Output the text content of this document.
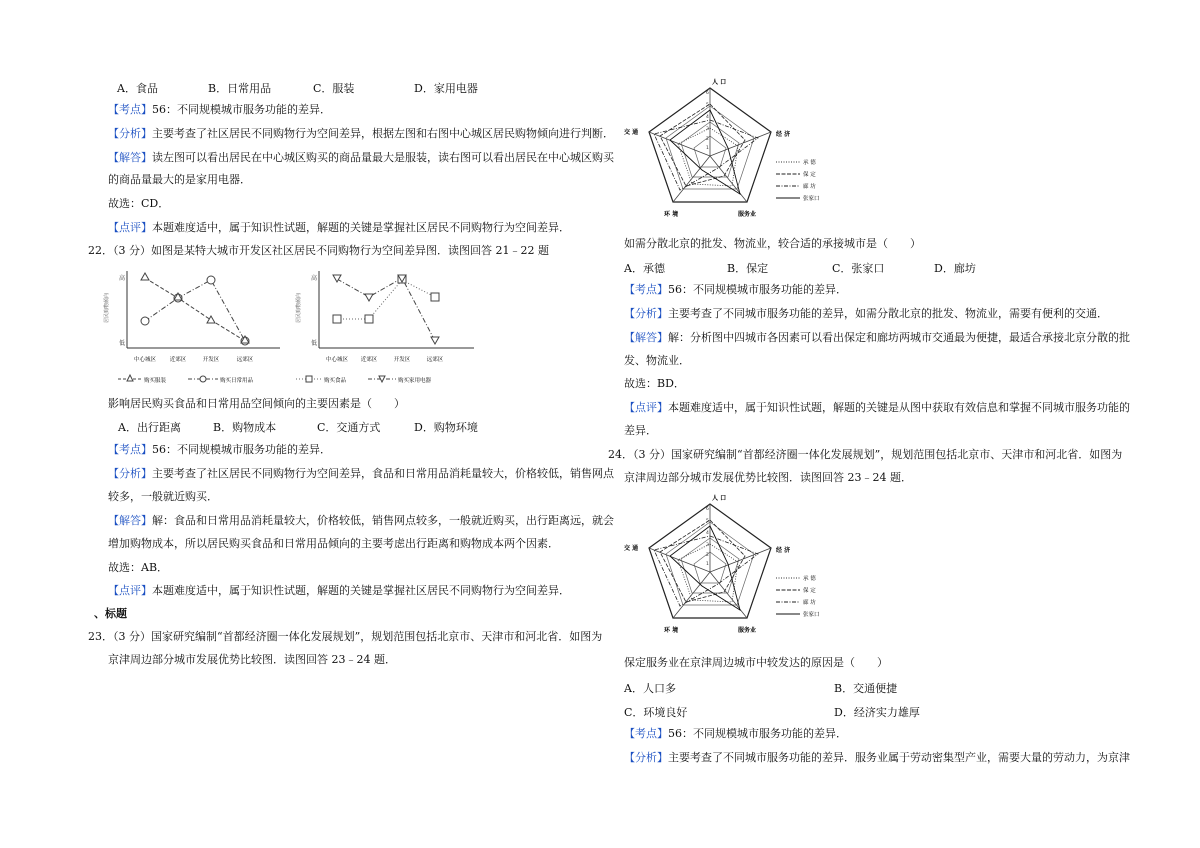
A．食品	B．日常用品	C．服装	D．家用电器
【考点】56：不同规模城市服务功能的差异．
【分析】主要考查了社区居民不同购物行为空间差异，根据左图和右图中心城区居民购物倾向进行判断．
【解答】读左图可以看出居民在中心城区购买的商品量最大是服装，读右图可以看出居民在中心城区购买
的商品量最大的是家用电器．
故选：CD．
【点评】本题难度适中，属于知识性试题，解题的关键是掌握社区居民不同购物行为空间差异．
22．（3 分）如图是某特大城市开发区社区居民不同购物行为空间差异图．读图回答 21﹣22 题
居民购物倾向
高
低
中心城区 近郊区	开发区	远郊区
购买服装	购买日常用品
居民购物倾向
高
低
中心城区 近郊区	开发区	远郊区
购买食品	购买家用电器
影响居民购买食品和日常用品空间倾向的主要因素是（　　）
A．出行距离	B．购物成本	C．交通方式	D．购物环境
【考点】56：不同规模城市服务功能的差异．
【分析】主要考查了社区居民不同购物行为空间差异，食品和日常用品消耗量较大，价格较低，销售网点
较多，一般就近购买．
【解答】解：食品和日常用品消耗量较大，价格较低，销售网点较多，一般就近购买，出行距离远，就会
增加购物成本，所以居民购买食品和日常用品倾向的主要考虑出行距离和购物成本两个因素．
故选：AB．
【点评】本题难度适中，属于知识性试题，解题的关键是掌握社区居民不同购物行为空间差异．
、标题
23．（3 分）国家研究编制“首都经济圈一体化发展规划”，规划范围包括北京市、天津市和河北省．如图为
京津周边部分城市发展优势比较图．读图回答 23﹣24 题．
6
5
4
3
2
1
人 口
经 济
服务业
环 境
交 通
承 德
保 定
廊 坊
张家口
如需分散北京的批发、物流业，较合适的承接城市是（　　）
A．承德	B．保定	C．张家口	D．廊坊
【考点】56：不同规模城市服务功能的差异．
【分析】主要考查了不同城市服务功能的差异，如需分散北京的批发、物流业，需要有便利的交通．
【解答】解：分析图中四城市各因素可以看出保定和廊坊两城市交通最为便捷，最适合承接北京分散的批
发、物流业．
故选：BD．
【点评】本题难度适中，属于知识性试题，解题的关键是从图中获取有效信息和掌握不同城市服务功能的
差异．
24．（3 分）国家研究编制“首都经济圈一体化发展规划”，规划范围包括北京市、天津市和河北省．如图为
京津周边部分城市发展优势比较图．读图回答 23﹣24 题．
6
5
4
3
2
1
人 口
经 济
服务业
环 境
交 通
承 德
保 定
廊 坊
张家口
保定服务业在京津周边城市中较发达的原因是（　　）
A．人口多	B．交通便捷
C．环境良好	D．经济实力雄厚
【考点】56：不同规模城市服务功能的差异．
【分析】主要考查了不同城市服务功能的差异．服务业属于劳动密集型产业，需要大量的劳动力，为京津
